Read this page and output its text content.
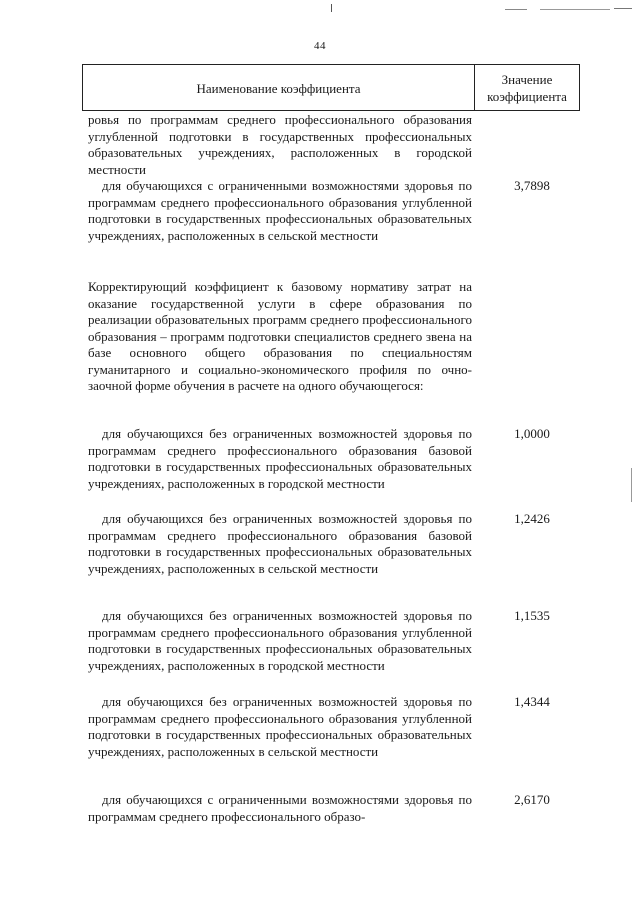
44
Наименование коэффициента
Значение коэффициента
ровья по программам среднего профессионального образования углубленной подготовки в государственных профессиональных образовательных учреждениях, расположенных в городской местности
для обучающихся с ограниченными возможностями здоровья по программам среднего профессионального образования углубленной подготовки в государственных профессиональных образовательных учреждениях, расположенных в сельской местности
3,7898
Корректирующий коэффициент к базовому нормативу затрат на оказание государственной услуги в сфере образования по реализации образовательных программ среднего профессионального образования – программ подготовки специалистов среднего звена на базе основного общего образования по специальностям гуманитарного и социально-экономического профиля по очно-заочной форме обучения в расчете на одного обучающегося:
для обучающихся без ограниченных возможностей здоровья по программам среднего профессионального образования базовой подготовки в государственных профессиональных образовательных учреждениях, расположенных в городской местности
1,0000
для обучающихся без ограниченных возможностей здоровья по программам среднего профессионального образования базовой подготовки в государственных профессиональных образовательных учреждениях, расположенных в сельской местности
1,2426
для обучающихся без ограниченных возможностей здоровья по программам среднего профессионального образования углубленной подготовки в государственных профессиональных образовательных учреждениях, расположенных в городской местности
1,1535
для обучающихся без ограниченных возможностей здоровья по программам среднего профессионального образования углубленной подготовки в государственных профессиональных образовательных учреждениях, расположенных в сельской местности
1,4344
для обучающихся с ограниченными возможностями здоровья по программам среднего профессионального образо-
2,6170
